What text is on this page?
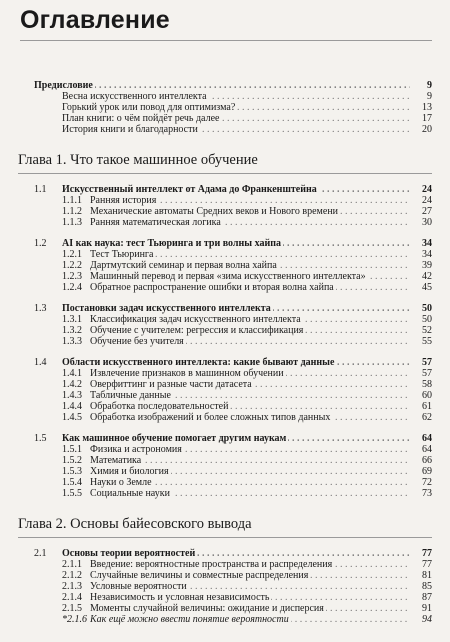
Оглавление
Предисловие . . .	9
Весна искусственного интеллекта . . .	9
Горький урок или повод для оптимизма? . . .	13
План книги: о чём пойдёт речь далее . . .	17
История книги и благодарности . . .	20
Глава 1. Что такое машинное обучение
1.1 Искусственный интеллект от Адама до Франкенштейна . . .	24
1.1.1 Ранняя история . . .	24
1.1.2 Механические автоматы Средних веков и Нового времени . . .	27
1.1.3 Ранняя математическая логика . . .	30
1.2 AI как наука: тест Тьюринга и три волны хайпа . . .	34
1.2.1 Тест Тьюринга . . .	34
1.2.2 Дартмутский семинар и первая волна хайпа . . .	39
1.2.3 Машинный перевод и первая «зима искусственного интеллекта» . . .	42
1.2.4 Обратное распространение ошибки и вторая волна хайпа . . .	45
1.3 Постановки задач искусственного интеллекта . . .	50
1.3.1 Классификация задач искусственного интеллекта . . .	50
1.3.2 Обучение с учителем: регрессия и классификация . . .	52
1.3.3 Обучение без учителя . . .	55
1.4 Области искусственного интеллекта: какие бывают данные . . .	57
1.4.1 Извлечение признаков в машинном обучении . . .	57
1.4.2 Оверфиттинг и разные части датасета . . .	58
1.4.3 Табличные данные . . .	60
1.4.4 Обработка последовательностей . . .	61
1.4.5 Обработка изображений и более сложных типов данных . . .	62
1.5 Как машинное обучение помогает другим наукам . . .	64
1.5.1 Физика и астрономия . . .	64
1.5.2 Математика . . .	66
1.5.3 Химия и биология . . .	69
1.5.4 Науки о Земле . . .	72
1.5.5 Социальные науки . . .	73
Глава 2. Основы байесовского вывода
2.1 Основы теории вероятностей . . .	77
2.1.1 Введение: вероятностные пространства и распределения . . .	77
2.1.2 Случайные величины и совместные распределения . . .	81
2.1.3 Условные вероятности . . .	85
2.1.4 Независимость и условная независимость . . .	87
2.1.5 Моменты случайной величины: ожидание и дисперсия . . .	91
*2.1.6 Как ещё можно ввести понятие вероятности . . .	94
